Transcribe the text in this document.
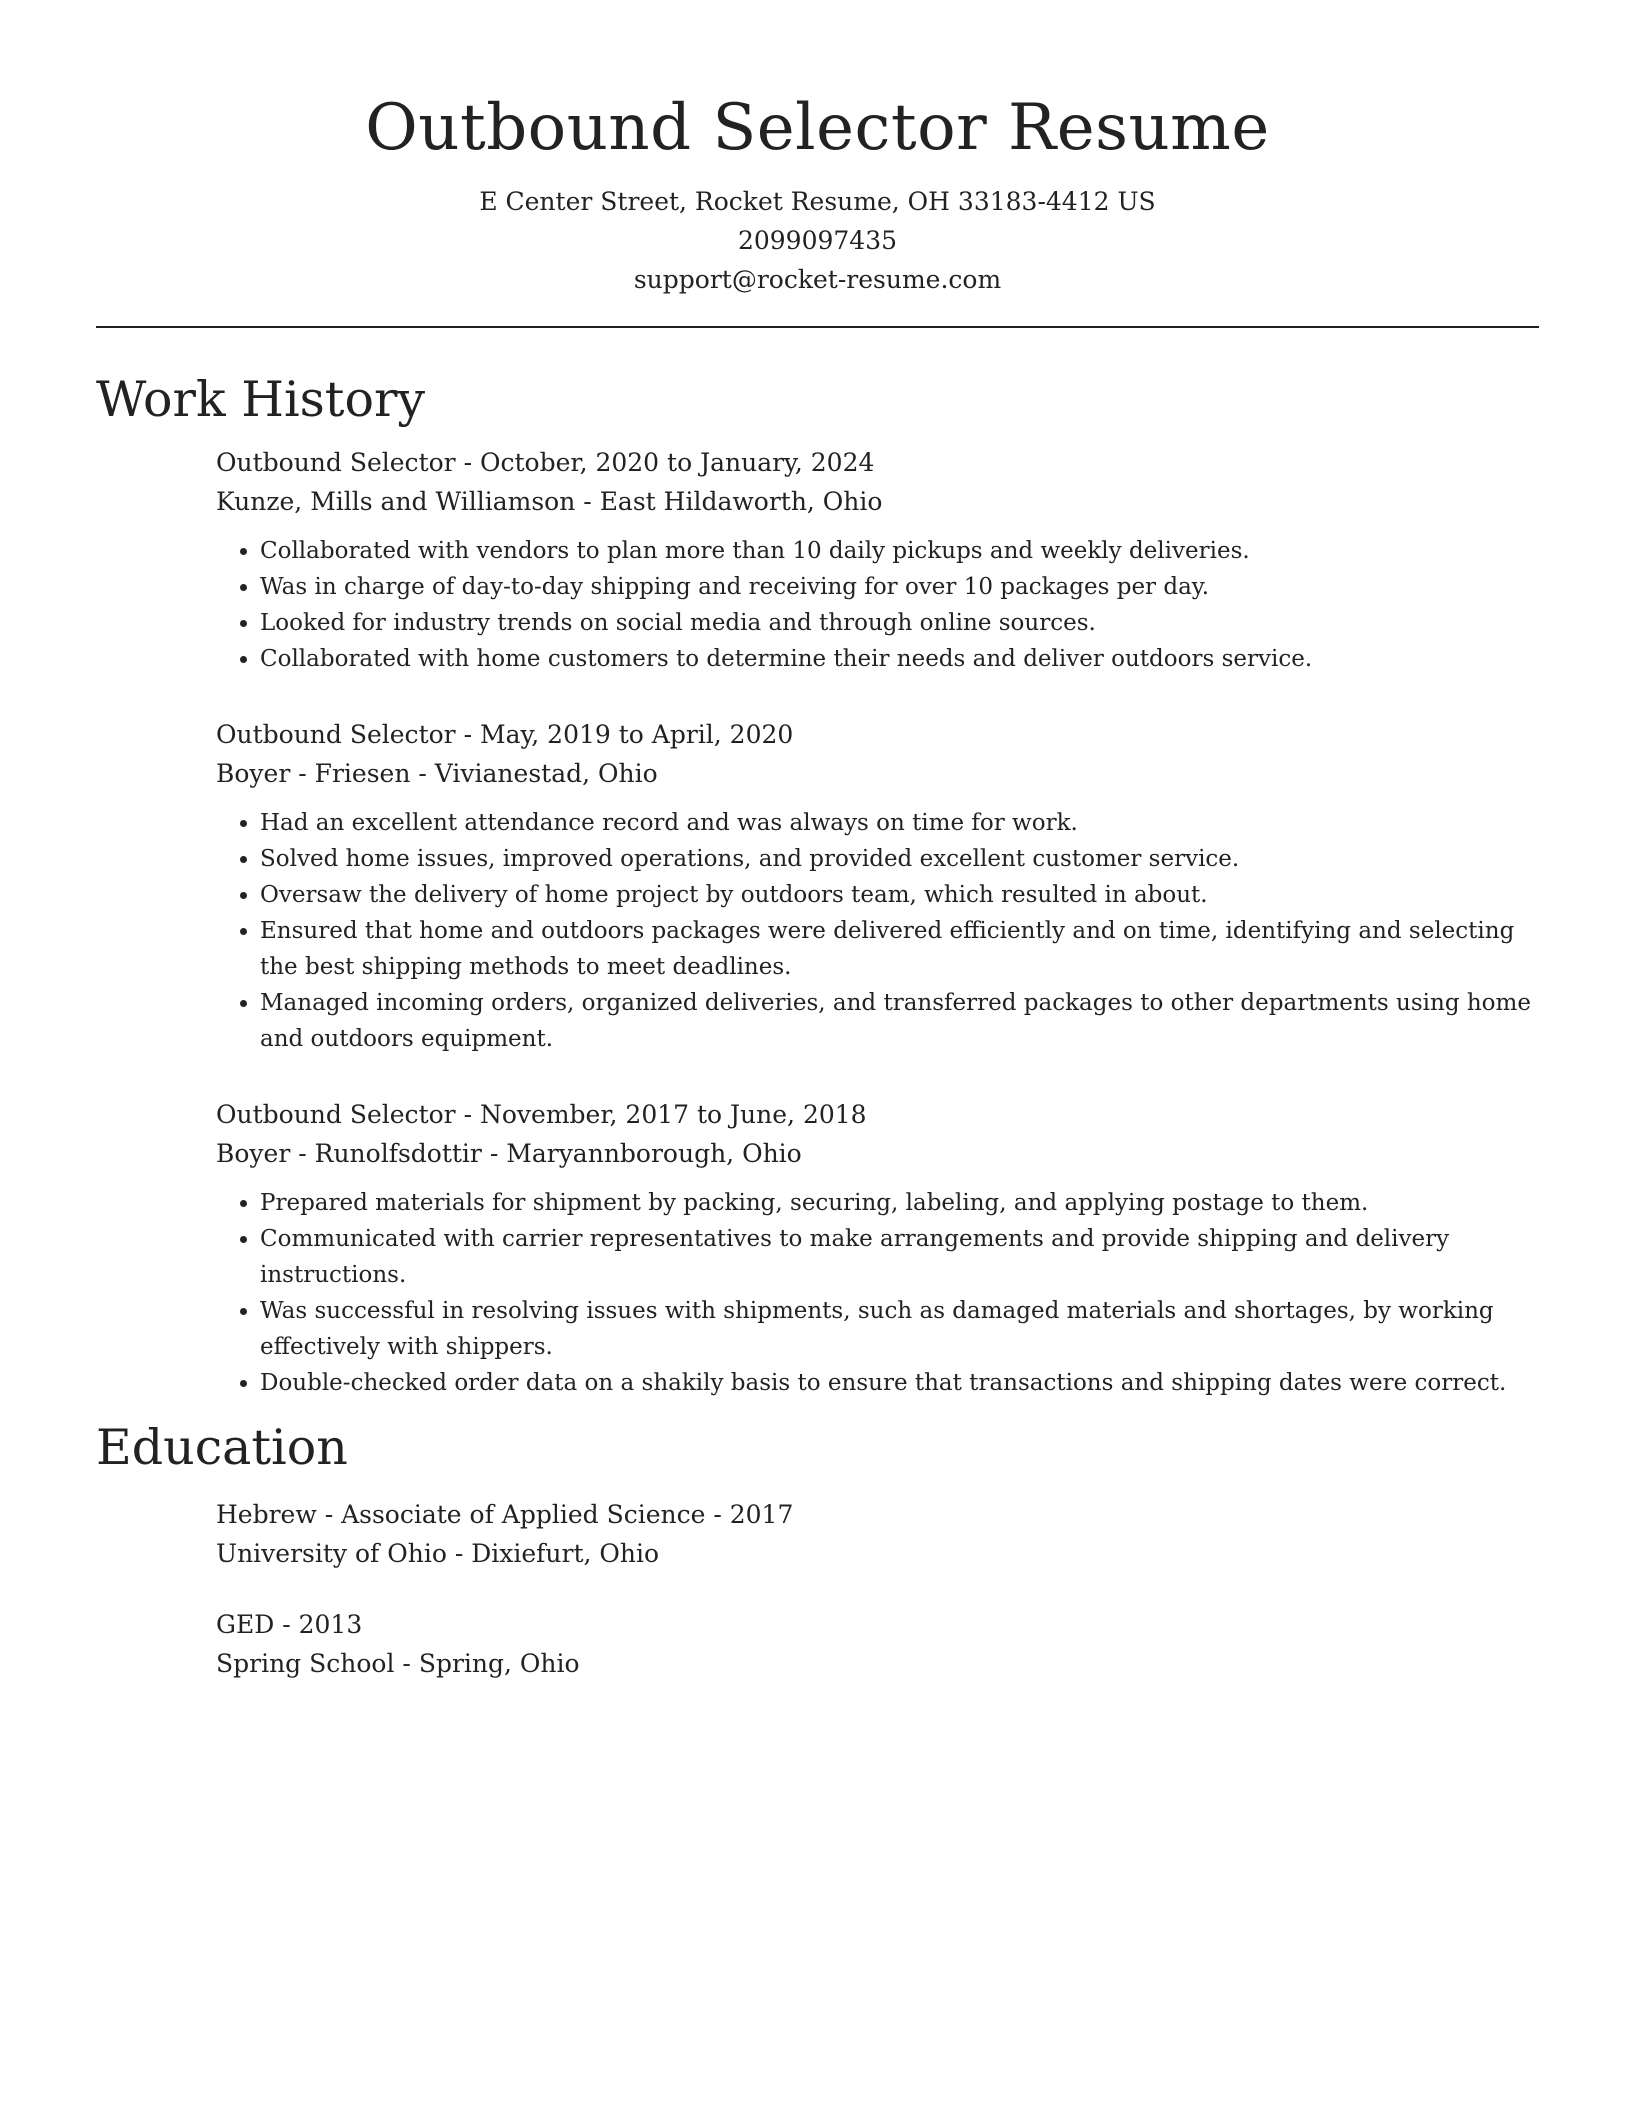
Outbound Selector Resume
E Center Street, Rocket Resume, OH 33183-4412 US
2099097435
support@rocket-resume.com
Work History
Outbound Selector - October, 2020 to January, 2024
Kunze, Mills and Williamson - East Hildaworth, Ohio
• Collaborated with vendors to plan more than 10 daily pickups and weekly deliveries.
• Was in charge of day-to-day shipping and receiving for over 10 packages per day.
• Looked for industry trends on social media and through online sources.
• Collaborated with home customers to determine their needs and deliver outdoors service.
Outbound Selector - May, 2019 to April, 2020
Boyer - Friesen - Vivianestad, Ohio
• Had an excellent attendance record and was always on time for work.
• Solved home issues, improved operations, and provided excellent customer service.
• Oversaw the delivery of home project by outdoors team, which resulted in about.
• Ensured that home and outdoors packages were delivered efficiently and on time, identifying and selecting the best shipping methods to meet deadlines.
• Managed incoming orders, organized deliveries, and transferred packages to other departments using home and outdoors equipment.
Outbound Selector - November, 2017 to June, 2018
Boyer - Runolfsdottir - Maryannborough, Ohio
• Prepared materials for shipment by packing, securing, labeling, and applying postage to them.
• Communicated with carrier representatives to make arrangements and provide shipping and delivery instructions.
• Was successful in resolving issues with shipments, such as damaged materials and shortages, by working effectively with shippers.
• Double-checked order data on a shakily basis to ensure that transactions and shipping dates were correct.
Education
Hebrew - Associate of Applied Science - 2017
University of Ohio - Dixiefurt, Ohio
GED - 2013
Spring School - Spring, Ohio
